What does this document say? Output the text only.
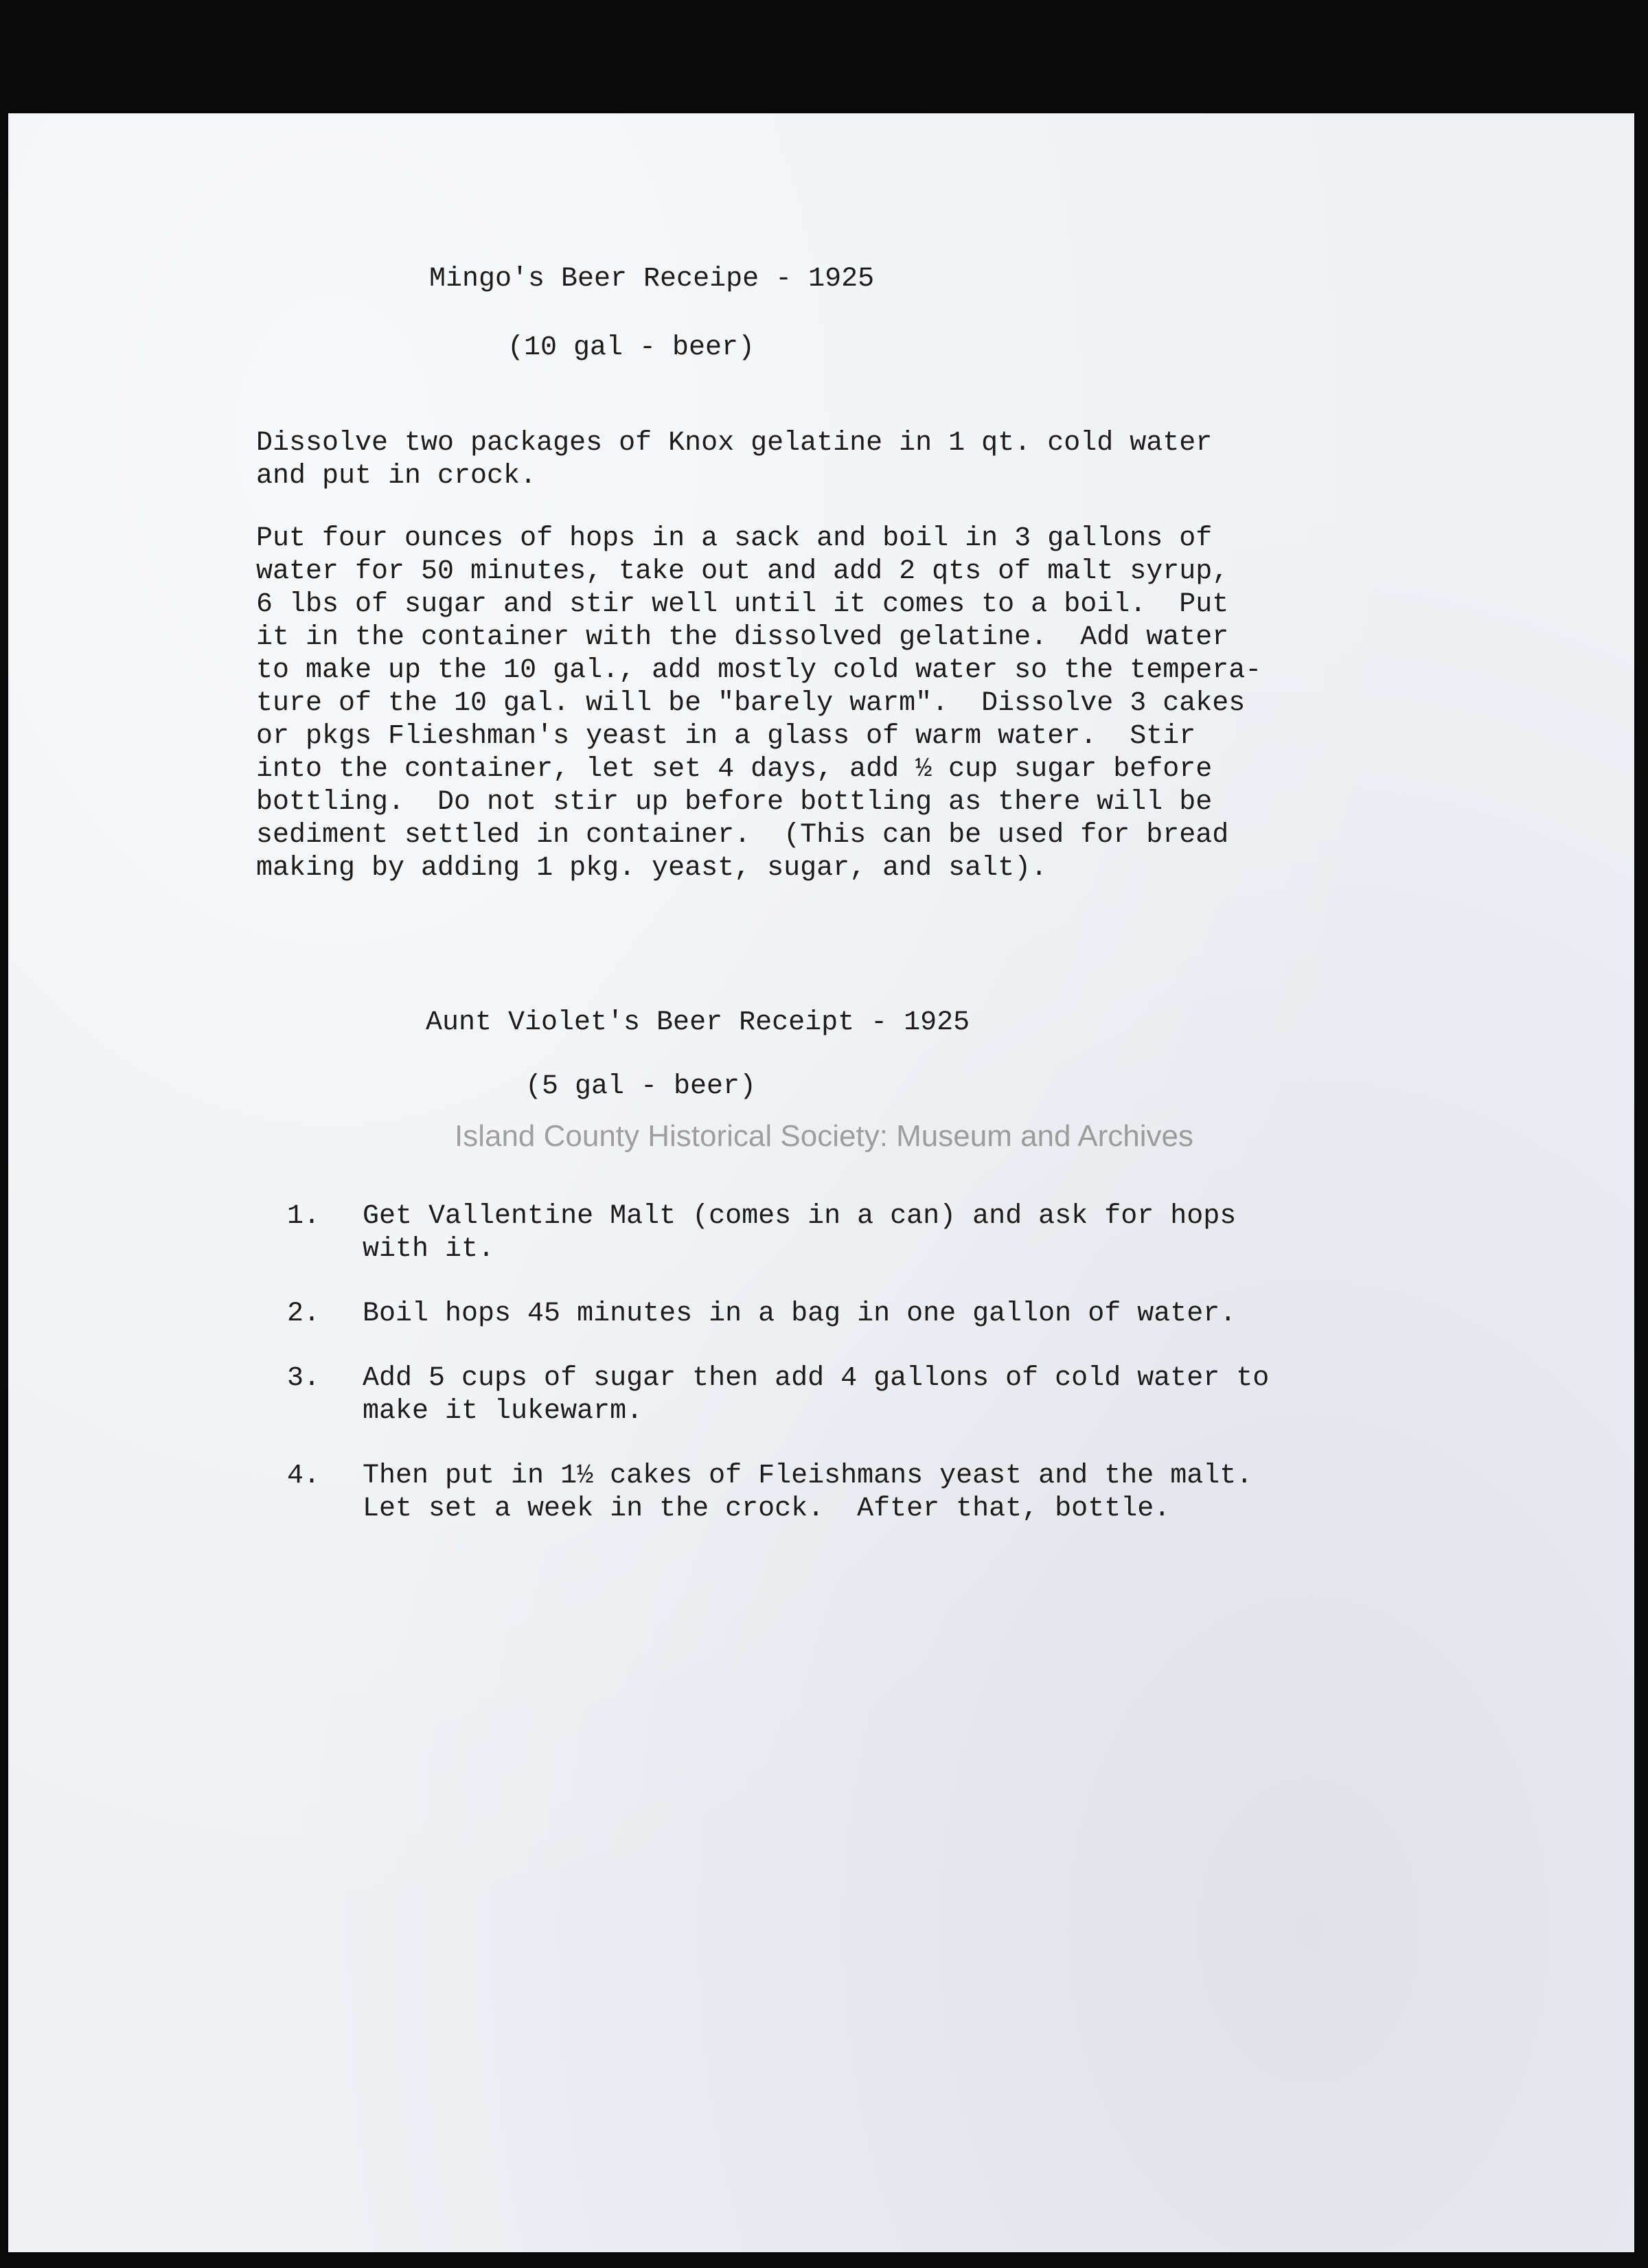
Mingo's Beer Receipe - 1925
(10 gal - beer)
Dissolve two packages of Knox gelatine in 1 qt. cold water
and put in crock.
Put four ounces of hops in a sack and boil in 3 gallons of
water for 50 minutes, take out and add 2 qts of malt syrup,
6 lbs of sugar and stir well until it comes to a boil.  Put
it in the container with the dissolved gelatine.  Add water
to make up the 10 gal., add mostly cold water so the tempera-
ture of the 10 gal. will be "barely warm".  Dissolve 3 cakes
or pkgs Flieshman's yeast in a glass of warm water.  Stir
into the container, let set 4 days, add ½ cup sugar before
bottling.  Do not stir up before bottling as there will be
sediment settled in container.  (This can be used for bread
making by adding 1 pkg. yeast, sugar, and salt).
Aunt Violet's Beer Receipt - 1925
(5 gal - beer)
Island County Historical Society: Museum and Archives

1. Get Vallentine Malt (comes in a can) and ask for hops
with it.

2. Boil hops 45 minutes in a bag in one gallon of water.

3. Add 5 cups of sugar then add 4 gallons of cold water to
make it lukewarm.

4. Then put in 1½ cakes of Fleishmans yeast and the malt.
Let set a week in the crock.  After that, bottle.
